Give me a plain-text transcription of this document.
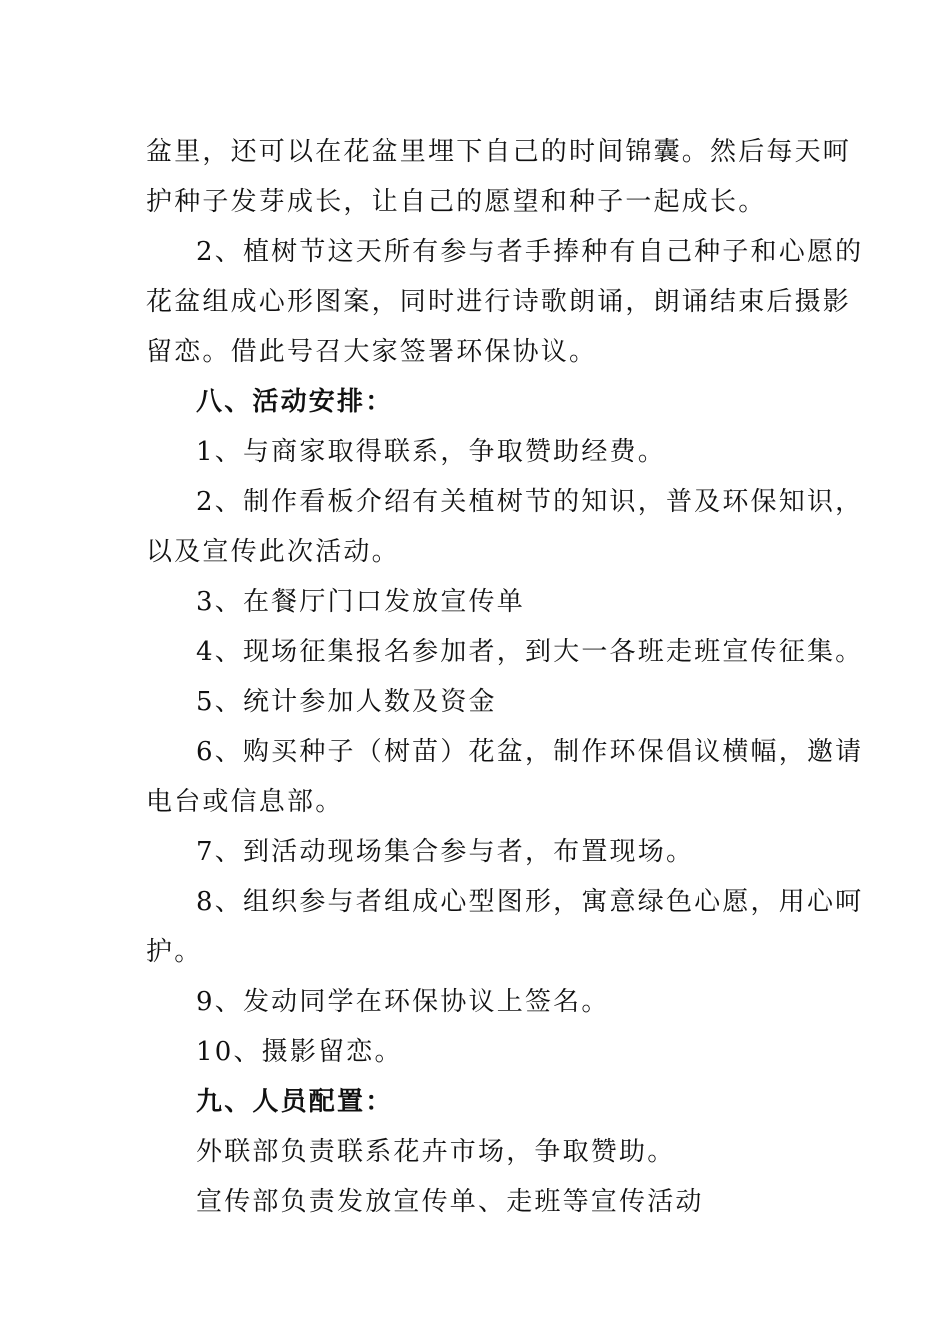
盆里，还可以在花盆里埋下自己的时间锦囊。然后每天呵
护种子发芽成长，让自己的愿望和种子一起成长。
2、植树节这天所有参与者手捧种有自己种子和心愿的
花盆组成心形图案，同时进行诗歌朗诵，朗诵结束后摄影
留恋。借此号召大家签署环保协议。
八、活动安排：
1、与商家取得联系，争取赞助经费。
2、制作看板介绍有关植树节的知识，普及环保知识，
以及宣传此次活动。
3、在餐厅门口发放宣传单
4、现场征集报名参加者，到大一各班走班宣传征集。
5、统计参加人数及资金
6、购买种子（树苗）花盆，制作环保倡议横幅，邀请
电台或信息部。
7、到活动现场集合参与者，布置现场。
8、组织参与者组成心型图形，寓意绿色心愿，用心呵
护。
9、发动同学在环保协议上签名。
10、摄影留恋。
九、人员配置：
外联部负责联系花卉市场，争取赞助。
宣传部负责发放宣传单、走班等宣传活动
